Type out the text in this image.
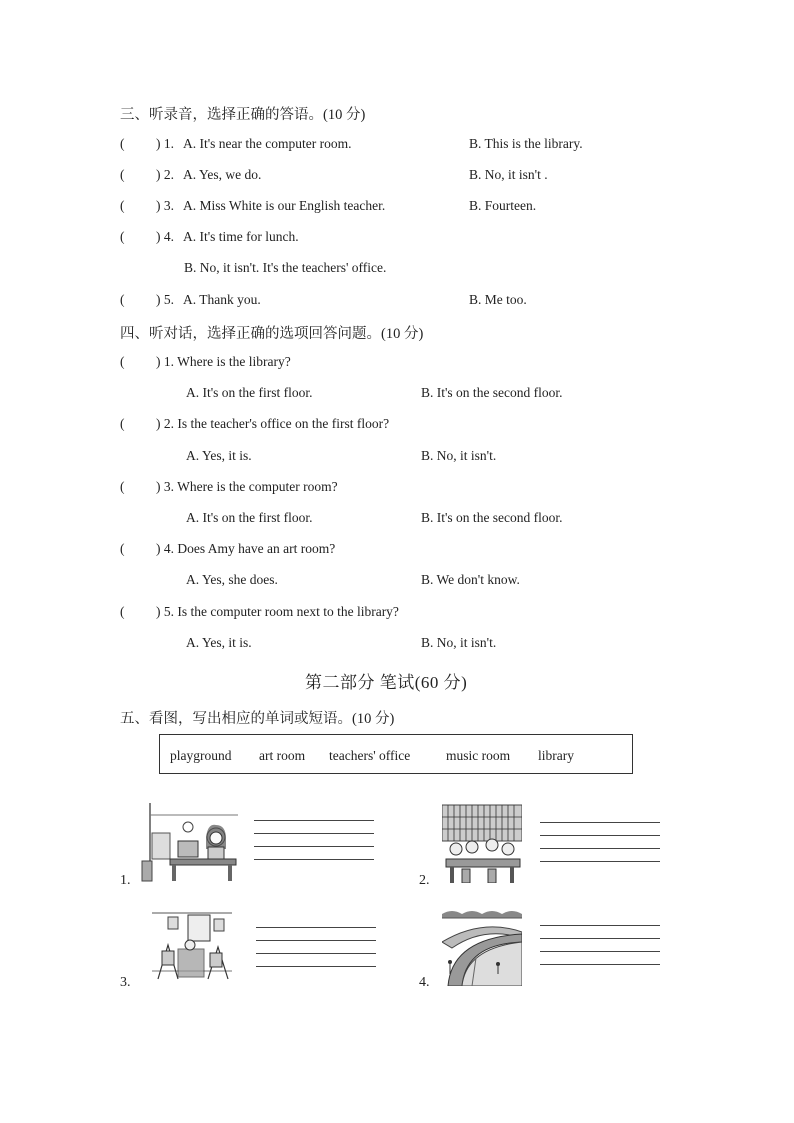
三、听录音，选择正确的答语。(10 分)
( ) 1. A. It's near the computer room.	B. This is the library.
( ) 2. A. Yes, we do.	B. No, it isn't .
( ) 3. A. Miss White is our English teacher.	B. Fourteen.
( ) 4. A. It's time for lunch.
B. No, it isn't. It's the teachers' office.
( ) 5. A. Thank you.	B. Me too.
四、听对话，选择正确的选项回答问题。(10 分)
( ) 1. Where is the library?
A. It's on the first floor.	B. It's on the second floor.
( ) 2. Is the teacher's office on the first floor?
A. Yes, it is.	B. No, it isn't.
( ) 3. Where is the computer room?
A. It's on the first floor.	B. It's on the second floor.
( ) 4. Does Amy have an art room?
A. Yes, she does.	B. We don't know.
( ) 5. Is the computer room next to the library?
A. Yes, it is.	B. No, it isn't.
第二部分 笔试(60 分)
五、看图，写出相应的单词或短语。(10 分)
playground art room teachers' office	music room library
1.	2.
3.	4.
